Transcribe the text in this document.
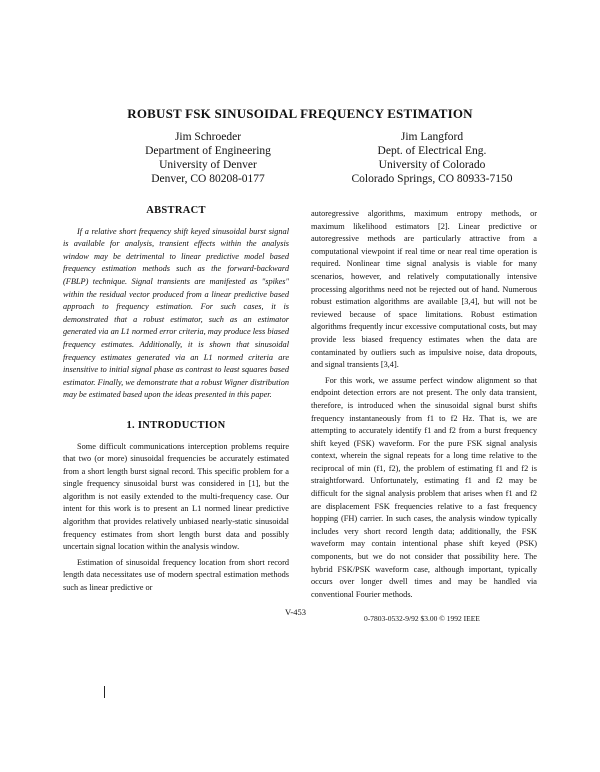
ROBUST FSK SINUSOIDAL FREQUENCY ESTIMATION
Jim Schroeder
Department of Engineering
University of Denver
Denver, CO 80208-0177
Jim Langford
Dept. of Electrical Eng.
University of Colorado
Colorado Springs, CO 80933-7150
ABSTRACT

If a relative short frequency shift keyed sinusoidal burst signal is available for analysis, transient effects within the analysis window may be detrimental to linear predictive model based frequency estimation methods such as the forward-backward (FBLP) technique. Signal transients are manifested as "spikes" within the residual vector produced from a linear predictive based approach to frequency estimation. For such cases, it is demonstrated that a robust estimator, such as an estimator generated via an L1 normed error criteria, may produce less biased frequency estimates. Additionally, it is shown that sinusoidal frequency estimates generated via an L1 normed criteria are insensitive to initial signal phase as contrast to least squares based estimator. Finally, we demonstrate that a robust Wigner distribution may be estimated based upon the ideas presented in this paper.

1. INTRODUCTION

Some difficult communications interception problems require that two (or more) sinusoidal frequencies be accurately estimated from a short length burst signal record. This specific problem for a single frequency sinusoidal burst was considered in [1], but the algorithm is not easily extended to the multi-frequency case. Our intent for this work is to present an L1 normed linear predictive algorithm that provides relatively unbiased nearly-static sinusoidal frequency estimates from short length burst data and possibly uncertain signal location within the analysis window.

Estimation of sinusoidal frequency location from short record length data necessitates use of modern spectral estimation methods such as linear predictive or

autoregressive algorithms, maximum entropy methods, or maximum likelihood estimators [2]. Linear predictive or autoregressive methods are particularly attractive from a computational viewpoint if real time or near real time operation is required. Nonlinear time signal analysis is viable for many scenarios, however, and relatively computationally intensive processing algorithms need not be rejected out of hand. Numerous robust estimation algorithms are available [3,4], but will not be reviewed because of space limitations. Robust estimation algorithms frequently incur excessive computational costs, but may provide less biased frequency estimates when the data are contaminated by outliers such as impulsive noise, data dropouts, and signal transients [3,4].

For this work, we assume perfect window alignment so that endpoint detection errors are not present. The only data transient, therefore, is introduced when the sinusoidal signal burst shifts frequency instantaneously from f1 to f2 Hz. That is, we are attempting to accurately identify f1 and f2 from a burst frequency shift keyed (FSK) waveform. For the pure FSK signal analysis context, wherein the signal repeats for a long time relative to the reciprocal of min (f1, f2), the problem of estimating f1 and f2 is straightforward. Unfortunately, estimating f1 and f2 may be difficult for the signal analysis problem that arises when f1 and f2 are displacement FSK frequencies relative to a fast frequency hopping (FH) carrier. In such cases, the analysis window typically includes very short record length data; additionally, the FSK waveform may contain intentional phase shift keyed (PSK) components, but we do not consider that possibility here. The hybrid FSK/PSK waveform case, although important, typically occurs over longer dwell times and may be handled via conventional Fourier methods.

V-453
0-7803-0532-9/92 $3.00 © 1992 IEEE
